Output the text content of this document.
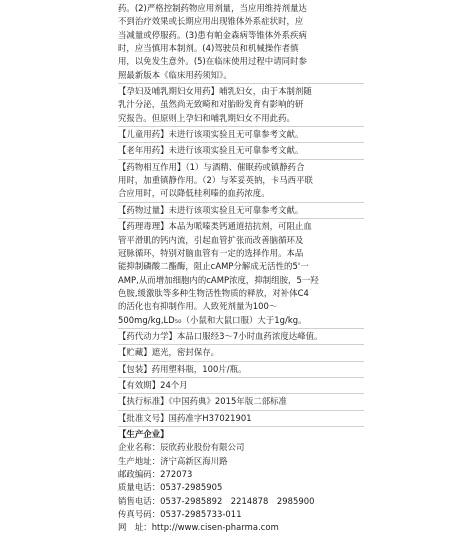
药。(2)严格控制药物应用剂量，当应用维持剂量达

不到治疗效果或长期应用出现锥体外系症状时，应

当减量或停服药。(3)患有帕金森病等锥体外系疾病

时，应当慎用本制剂。(4)驾驶员和机械操作者慎

用，以免发生意外。(5)在临床使用过程中请同时参

照最新版本《临床用药须知》。

【孕妇及哺乳期妇女用药】哺乳妇女，由于本制剂随

乳汁分泌，虽然尚无致畸和对胎盼发育有影响的研

究报告。但原则上孕妇和哺乳期妇女不用此药。

【儿童用药】未进行该项实验且无可靠参考文献。

【老年用药】未进行该项实验且无可靠参考文献。

【药物相互作用】（1）与酒精、催眠药或镇静药合

用时，加重镇静作用。（2）与苯妥英钠，卡马西平联

合应用时，可以降低桂利嗪的血药浓度。

【药物过量】未进行该项实验且无可靠参考文献。

【药理毒理】本品为哌嗪类钙通道拮抗剂，可阻止血

管平滑肌的钙内流，引起血管扩张而改善脑循环及

冠脉循环，特别对脑血管有一定的选择作用。本品

能抑制磷酸二酯酶，阻止cAMP分解成无活性的5'一

AMP,从而增加细胞内的cAMP浓度，抑制组胺，5一羟

色胺,缓激肽等多种生物活性物质的释放，对补体C4

的活化也有抑制作用。人致死剂量为100～

500mg/kg,LD₅₀（小鼠和大鼠口服）大于1g/kg。

【药代动力学】本品口服经3～7小时血药浓度达峰值。

【贮藏】遮光，密封保存。

【包装】药用塑料瓶，100片/瓶。

【有效期】24个月

【执行标准】《中国药典》2015年版二部标准

【批准文号】国药准字H37021901

【生产企业】

企业名称：辰欣药业股份有限公司

生产地址：济宁高新区海川路

邮政编码：272073

质量电话：0537-2985905

销售电话：0537-2985892　2214878　2985900

传真号码：0537-2985733-011

网　址：http://www.cisen-pharma.com
